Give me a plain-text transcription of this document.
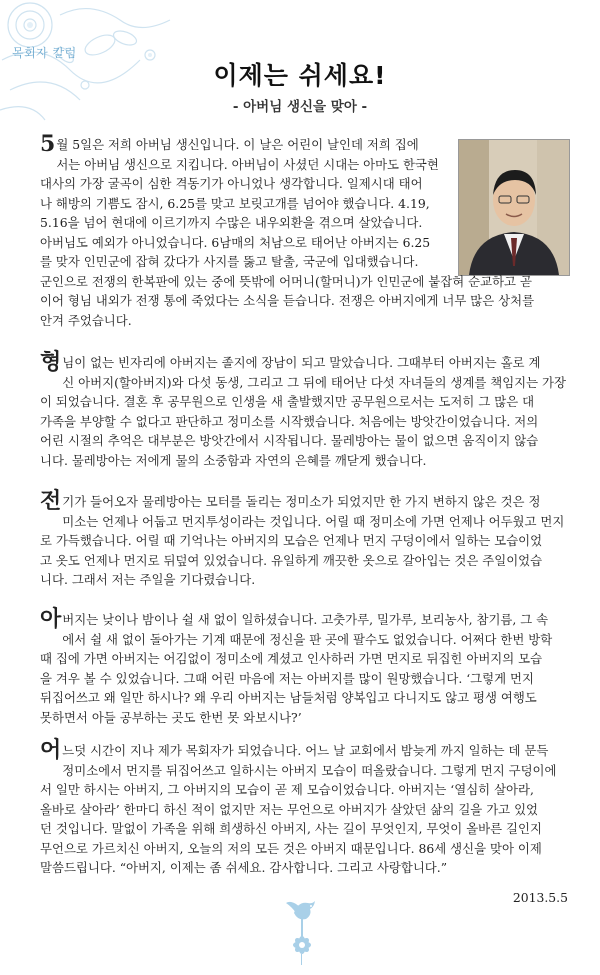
목회자 칼럼
이제는 쉬세요!
- 아버님 생신을 맞아 -
5 월 5일은 저희 아버님 생신입니다. 이 날은 어린이 날인데 저희 집에
서는 아버님 생신으로 지킵니다. 아버님이 사셨던 시대는 아마도 한국현
대사의 가장 굴곡이 심한 격동기가 아니었나 생각합니다. 일제시대 태어
나 해방의 기쁨도 잠시, 6.25를 맞고 보릿고개를 넘어야 했습니다. 4.19,
5.16을 넘어 현대에 이르기까지 수많은 내우외환을 겪으며 살았습니다.
아버님도 예외가 아니었습니다. 6남매의 처남으로 태어난 아버지는 6.25
를 맞자 인민군에 잡혀 갔다가 사지를 뚫고 탈출, 국군에 입대했습니다.
군인으로 전쟁의 한복판에 있는 중에 뜻밖에 어머니(할머니)가 인민군에 붙잡혀 순교하고 곧
이어 형님 내외가 전쟁 통에 죽었다는 소식을 듣습니다. 전쟁은 아버지에게 너무 많은 상처를
안겨 주었습니다.
형님이 없는 빈자리에 아버지는 졸지에 장남이 되고 말았습니다. 그때부터 아버지는 홀로 계
신 아버지(할아버지)와 다섯 동생, 그리고 그 뒤에 태어난 다섯 자녀들의 생계를 책임지는 가장
이 되었습니다. 결혼 후 공무원으로 인생을 새 출발했지만 공무원으로서는 도저히 그 많은 대
가족을 부양할 수 없다고 판단하고 정미소를 시작했습니다. 처음에는 방앗간이었습니다. 저의
어린 시절의 추억은 대부분은 방앗간에서 시작됩니다. 물레방아는 물이 없으면 움직이지 않습
니다. 물레방아는 저에게 물의 소중함과 자연의 은혜를 깨닫게 했습니다.
전기가 들어오자 물레방아는 모터를 돌리는 정미소가 되었지만 한 가지 변하지 않은 것은 정
미소는 언제나 어둡고 먼지투성이라는 것입니다. 어릴 때 정미소에 가면 언제나 어두웠고 먼지
로 가득했습니다. 어릴 때 기억나는 아버지의 모습은 언제나 먼지 구덩이에서 일하는 모습이었
고 옷도 언제나 먼지로 뒤덮여 있었습니다. 유일하게 깨끗한 옷으로 갈아입는 것은 주일이었습
니다. 그래서 저는 주일을 기다렸습니다.
아버지는 낮이나 밤이나 쉴 새 없이 일하셨습니다. 고춧가루, 밀가루, 보리농사, 참기름, 그 속
에서 쉴 새 없이 돌아가는 기계 때문에 정신을 판 곳에 팔수도 없었습니다. 어쩌다 한번 방학
때 집에 가면 아버지는 어김없이 정미소에 계셨고 인사하러 가면 먼지로 뒤집힌 아버지의 모습
을 겨우 볼 수 있었습니다. 그때 어린 마음에 저는 아버지를 많이 원망했습니다. ‘그렇게 먼지
뒤집어쓰고 왜 일만 하시나? 왜 우리 아버지는 남들처럼 양복입고 다니지도 않고 평생 여행도
못하면서 아들 공부하는 곳도 한번 못 와보시나?’
어느덧 시간이 지나 제가 목회자가 되었습니다. 어느 날 교회에서 밤늦게 까지 일하는 데 문득
정미소에서 먼지를 뒤집어쓰고 일하시는 아버지 모습이 떠올랐습니다. 그렇게 먼지 구덩이에
서 일만 하시는 아버지, 그 아버지의 모습이 곧 제 모습이었습니다. 아버지는 ‘열심히 살아라,
올바로 살아라’ 한마디 하신 적이 없지만 저는 무언으로 아버지가 살았던 삶의 길을 가고 있었
던 것입니다. 말없이 가족을 위해 희생하신 아버지, 사는 길이 무엇인지, 무엇이 올바른 길인지
무언으로 가르치신 아버지, 오늘의 저의 모든 것은 아버지 때문입니다. 86세 생신을 맞아 이제
말씀드립니다. “아버지, 이제는 좀 쉬세요. 감사합니다. 그리고 사랑합니다.”
2013.5.5
